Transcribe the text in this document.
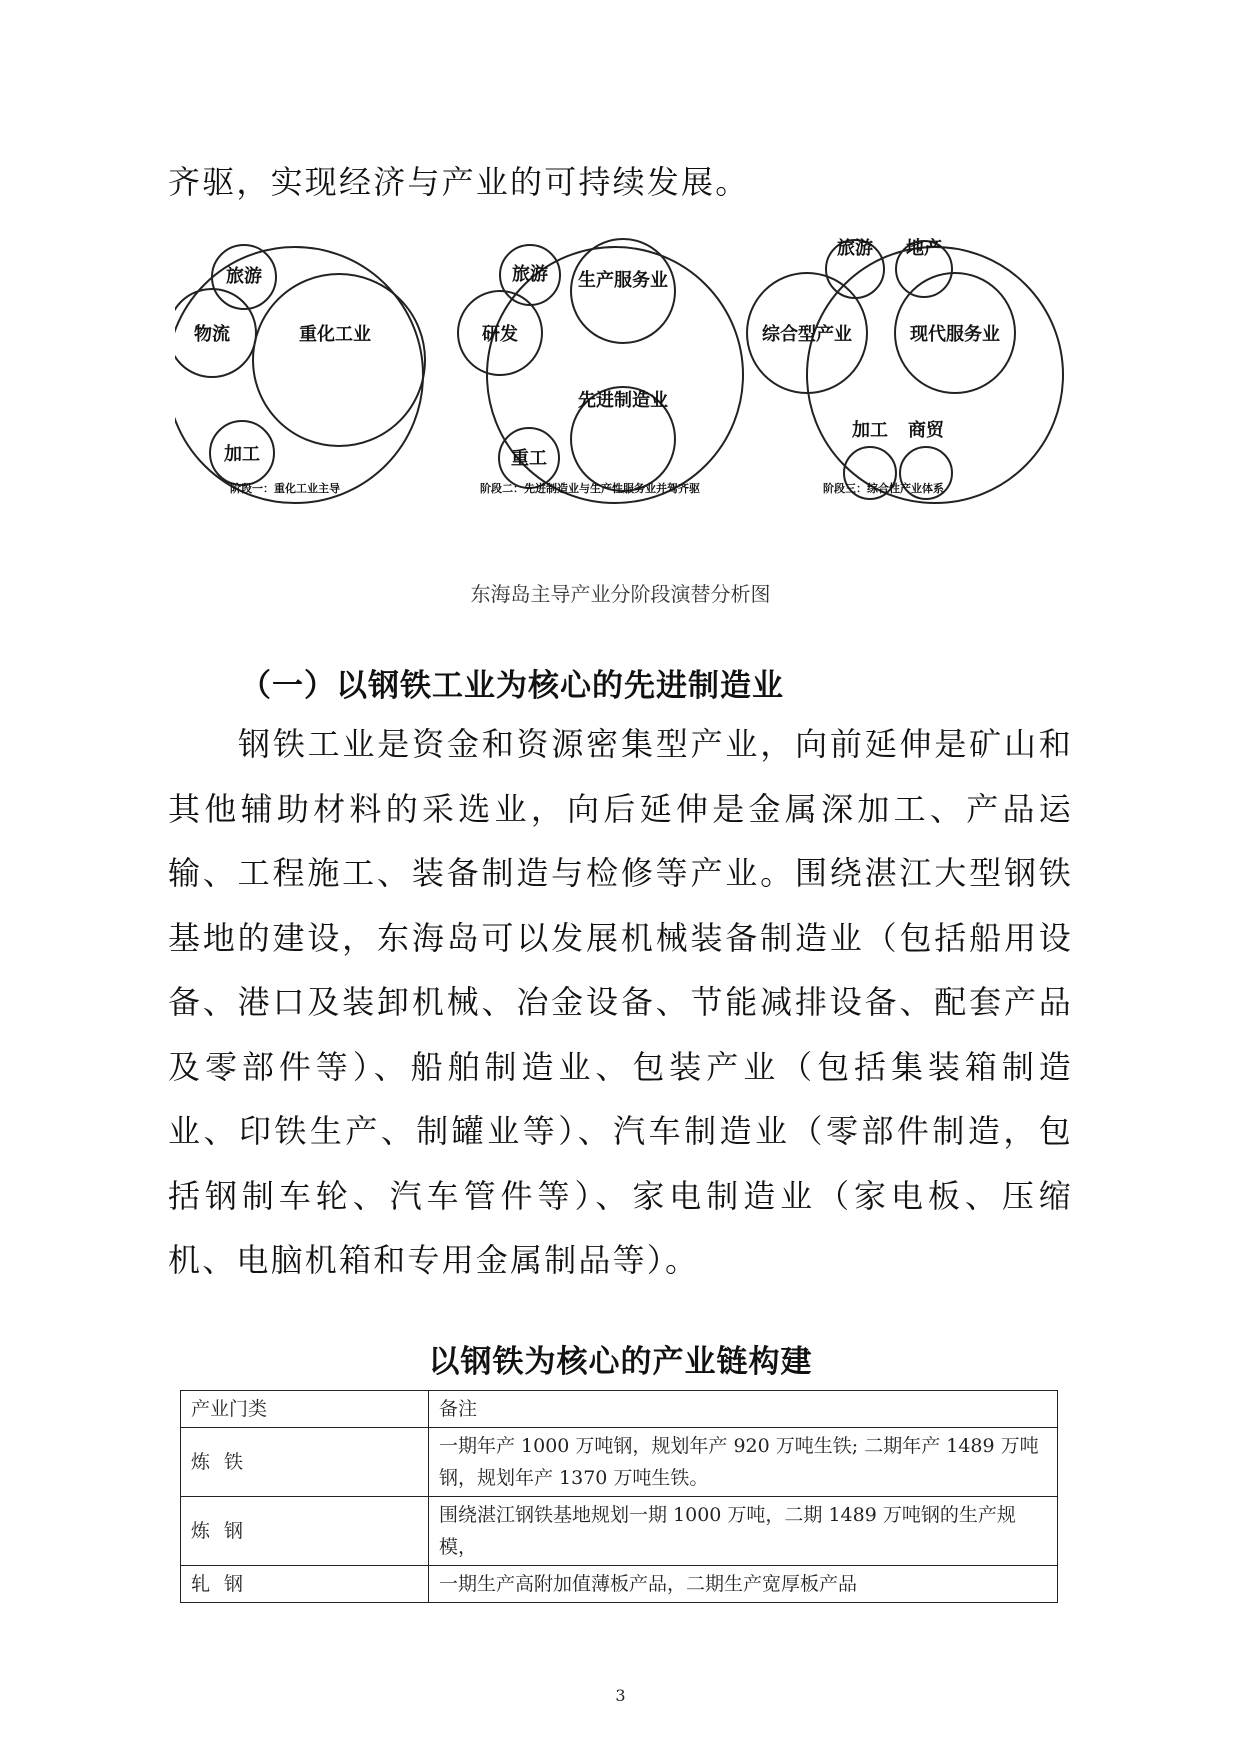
齐驱，实现经济与产业的可持续发展。

旅游
物流
加工
重化工业
旅游
研发
重工
生产服务业
先进制造业
旅游 地产
综合型产业	现代服务业
加工 商贸
阶段一：重化工业主导	阶段二：先进制造业与生产性服务业并驾齐驱	阶段三：综合性产业体系
东海岛主导产业分阶段演替分析图
（一）以钢铁工业为核心的先进制造业

钢铁工业是资金和资源密集型产业，向前延伸是矿山和其他辅助材料的采选业，向后延伸是金属深加工、产品运输、工程施工、装备制造与检修等产业。围绕湛江大型钢铁基地的建设，东海岛可以发展机械装备制造业（包括船用设备、港口及装卸机械、冶金设备、节能减排设备、配套产品及零部件等）、船舶制造业、包装产业（包括集装箱制造业、印铁生产、制罐业等）、汽车制造业（零部件制造，包括钢制车轮、汽车管件等）、家电制造业（家电板、压缩机、电脑机箱和专用金属制品等）。

以钢铁为核心的产业链构建
产业门类	备注
炼铁	一期年产 1000 万吨钢，规划年产 920 万吨生铁; 二期年产 1489 万吨钢，规划年产 1370 万吨生铁。
炼钢	围绕湛江钢铁基地规划一期 1000 万吨，二期 1489 万吨钢的生产规模，
轧钢	一期生产高附加值薄板产品，二期生产宽厚板产品
3
